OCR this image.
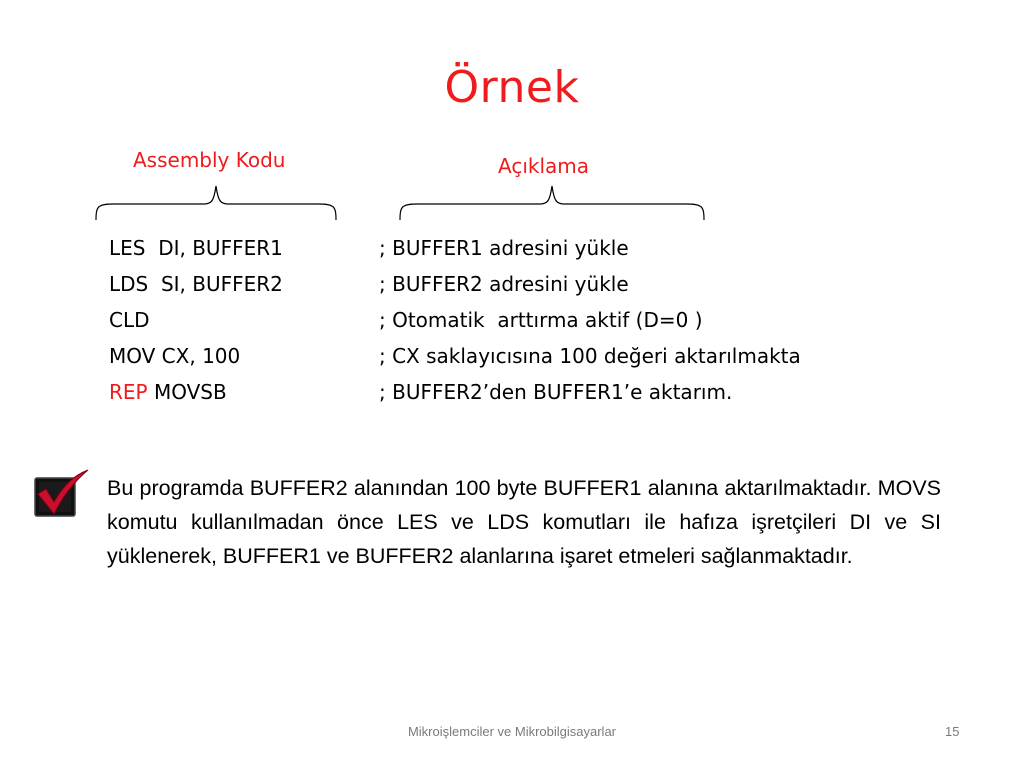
Örnek
Assembly Kodu	Açıklama
LES  DI, BUFFER1	; BUFFER1 adresini yükle
LDS  SI, BUFFER2	; BUFFER2 adresini yükle
CLD	; Otomatik  arttırma aktif (D=0 )
MOV CX, 100	; CX saklayıcısına 100 değeri aktarılmakta
REP MOVSB	; BUFFER2’den BUFFER1’e aktarım.
Bu programda BUFFER2 alanından 100 byte BUFFER1 alanına aktarılmaktadır. MOVS komutu kullanılmadan önce LES ve LDS komutları ile hafıza işretçileri DI ve SI yüklenerek, BUFFER1 ve BUFFER2 alanlarına işaret etmeleri sağlanmaktadır.
Mikroişlemciler ve Mikrobilgisayarlar	15
